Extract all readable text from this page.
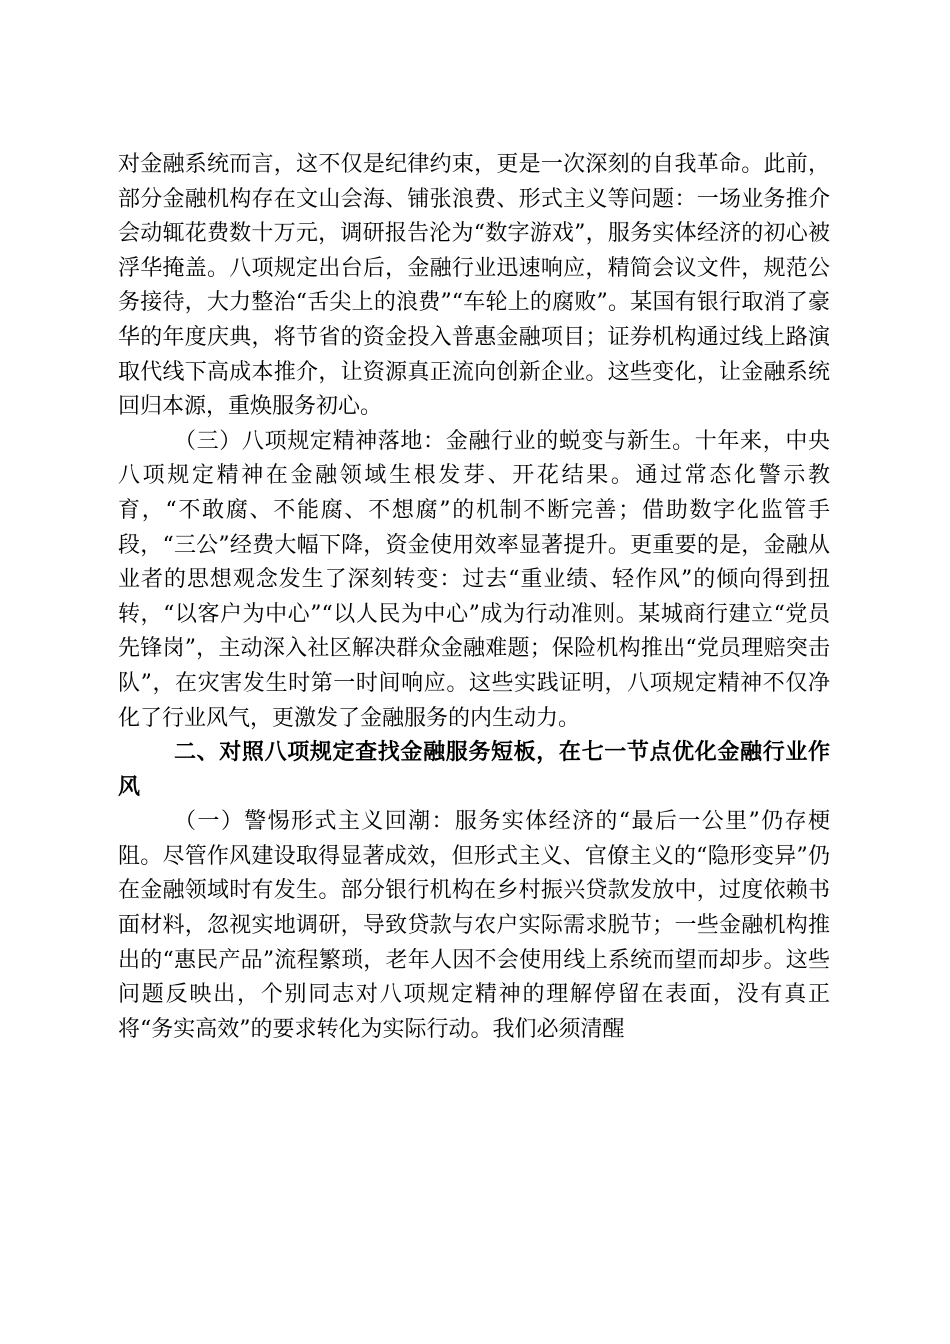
对金融系统而言，这不仅是纪律约束，更是一次深刻的自我革命。此前，部分金融机构存在文山会海、铺张浪费、形式主义等问题：一场业务推介会动辄花费数十万元，调研报告沦为“数字游戏”，服务实体经济的初心被浮华掩盖。八项规定出台后，金融行业迅速响应，精简会议文件，规范公务接待，大力整治“舌尖上的浪费”“车轮上的腐败”。某国有银行取消了豪华的年度庆典，将节省的资金投入普惠金融项目；证券机构通过线上路演取代线下高成本推介，让资源真正流向创新企业。这些变化，让金融系统回归本源，重焕服务初心。

（三）八项规定精神落地：金融行业的蜕变与新生。十年来，中央八项规定精神在金融领域生根发芽、开花结果。通过常态化警示教育，“不敢腐、不能腐、不想腐”的机制不断完善；借助数字化监管手段，“三公”经费大幅下降，资金使用效率显著提升。更重要的是，金融从业者的思想观念发生了深刻转变：过去“重业绩、轻作风”的倾向得到扭转，“以客户为中心”“以人民为中心”成为行动准则。某城商行建立“党员先锋岗”，主动深入社区解决群众金融难题；保险机构推出“党员理赔突击队”，在灾害发生时第一时间响应。这些实践证明，八项规定精神不仅净化了行业风气，更激发了金融服务的内生动力。

二、对照八项规定查找金融服务短板，在七一节点优化金融行业作风

（一）警惕形式主义回潮：服务实体经济的“最后一公里”仍存梗阻。尽管作风建设取得显著成效，但形式主义、官僚主义的“隐形变异”仍在金融领域时有发生。部分银行机构在乡村振兴贷款发放中，过度依赖书面材料，忽视实地调研，导致贷款与农户实际需求脱节；一些金融机构推出的“惠民产品”流程繁琐，老年人因不会使用线上系统而望而却步。这些问题反映出，个别同志对八项规定精神的理解停留在表面，没有真正将“务实高效”的要求转化为实际行动。我们必须清醒
